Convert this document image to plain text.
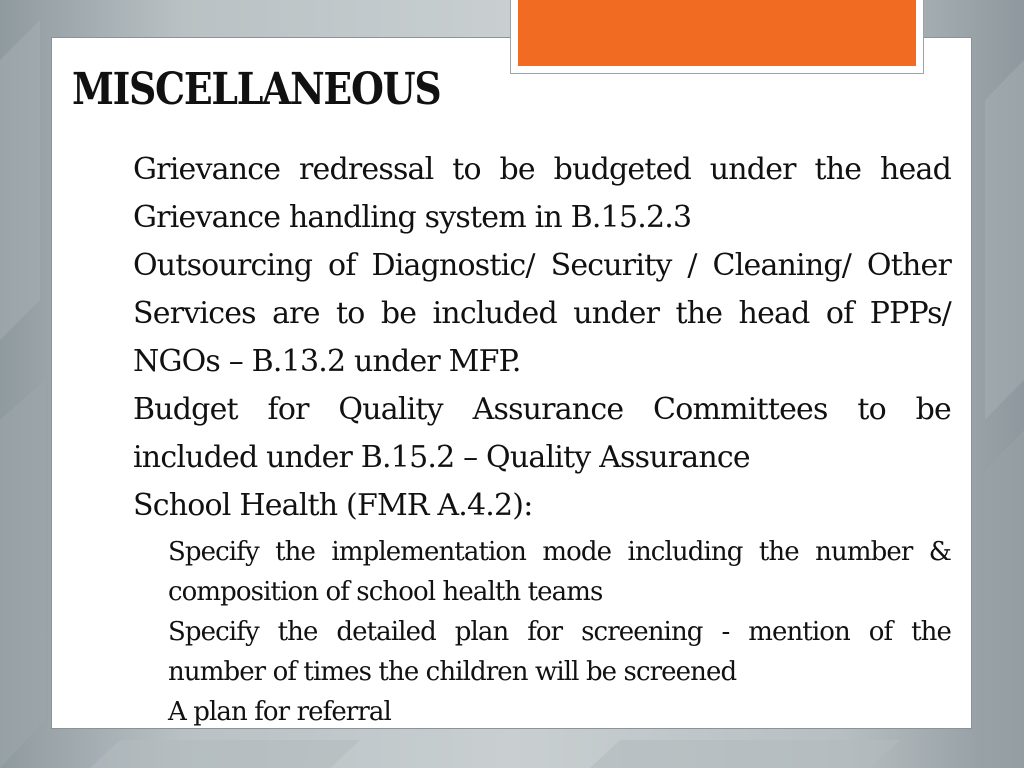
MISCELLANEOUS

Grievance redressal to be budgeted under the head Grievance handling system in B.15.2.3

Outsourcing of Diagnostic/ Security / Cleaning/ Other Services are to be included under the head of PPPs/ NGOs – B.13.2 under MFP.

Budget for Quality Assurance Committees to be included under B.15.2 – Quality Assurance

School Health (FMR A.4.2):

Specify the implementation mode including the number & composition of school health teams

Specify the detailed plan for screening - mention of the number of times the children will be screened

A plan for referral
